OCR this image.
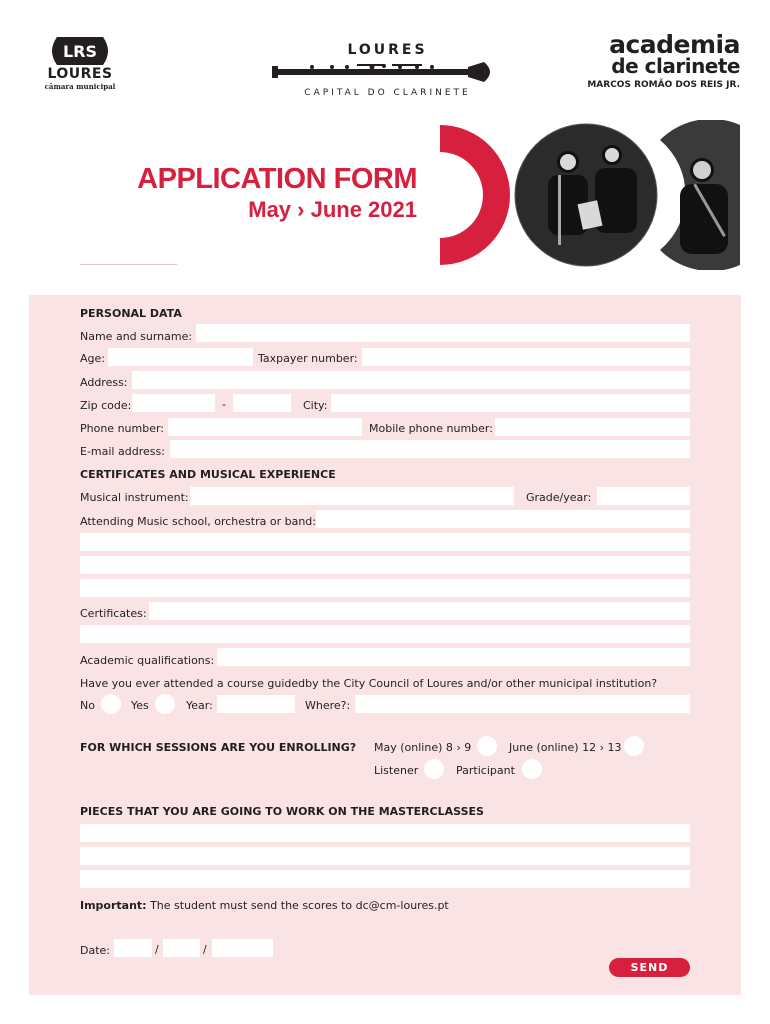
LRS
LOURES
câmara municipal
LOURES
CAPITAL DO CLARINETE
academia
de clarinete
MARCOS ROMÃO DOS REIS JR.
APPLICATION FORM
May › June 2021
PERSONAL DATA
Name and surname:
Age:	Taxpayer number:
Address:
Zip code:	-	City:
Phone number:	Mobile phone number:
E-mail address:
CERTIFICATES AND MUSICAL EXPERIENCE
Musical instrument:	Grade/year:
Attending Music school, orchestra or band:
Certificates:
Academic qualifications:
Have you ever attended a course guidedby the City Council of Loures and/or other municipal institution?
No	Yes	Year:	Where?:
FOR WHICH SESSIONS ARE YOU ENROLLING? May (online) 8 › 9	June (online) 12 › 13
Listener	Participant
PIECES THAT YOU ARE GOING TO WORK ON THE MASTERCLASSES
Important: The student must send the scores to dc@cm-loures.pt
Date:	/	/
SEND
